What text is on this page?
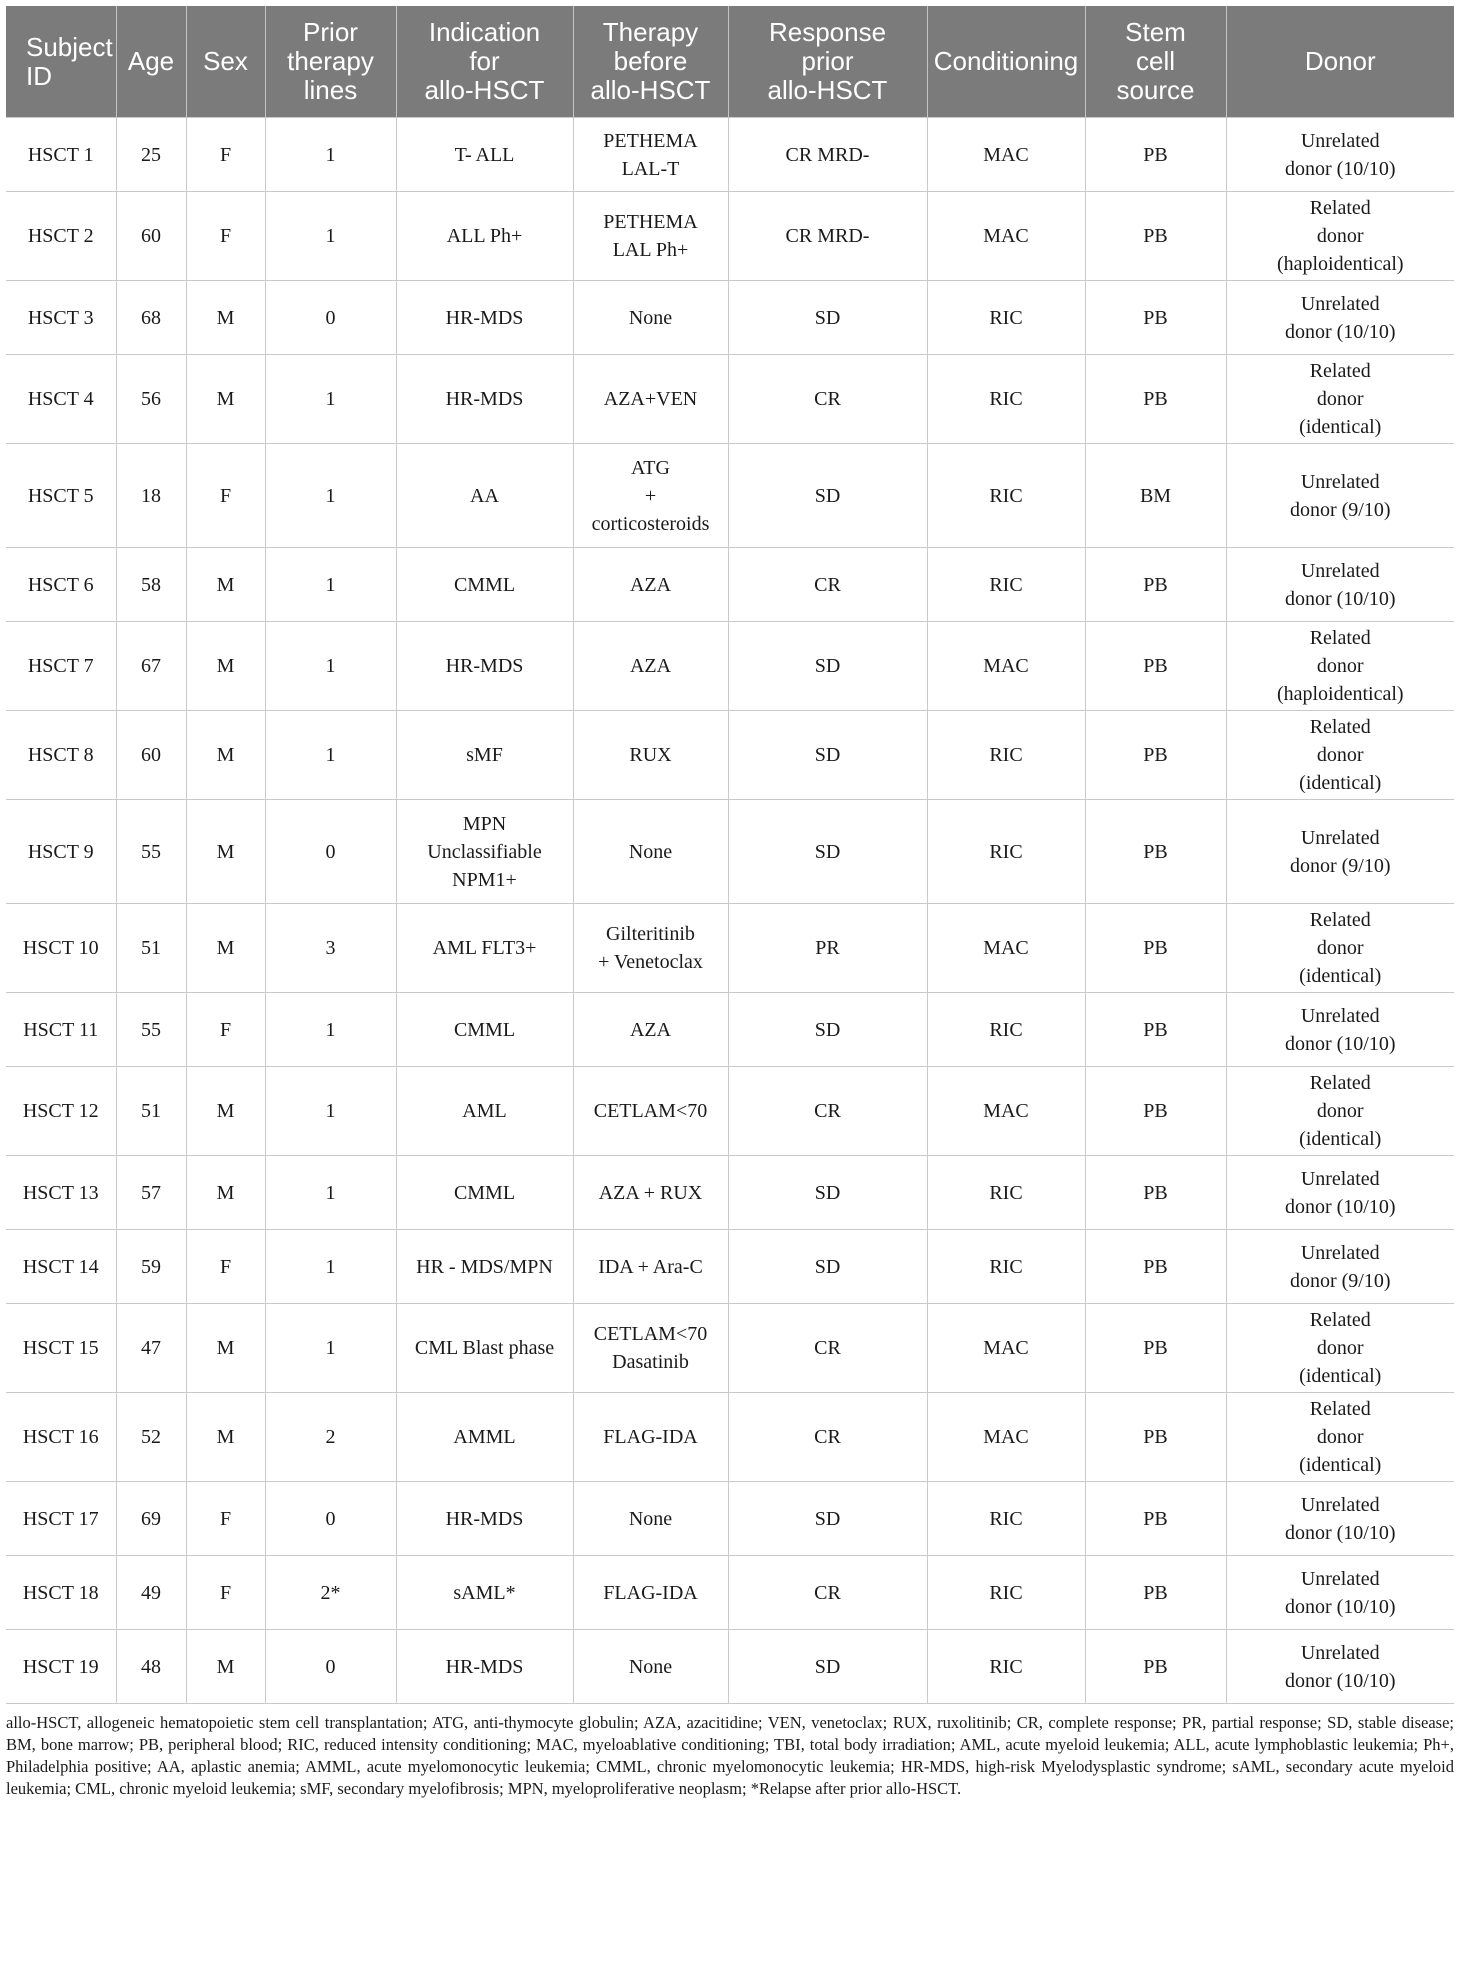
Subject
ID	Age	Sex	Prior
therapy
lines	Indication
for
allo-HSCT	Therapy
before
allo-HSCT	Response
prior
allo-HSCT	Conditioning	Stem
cell
source	Donor
HSCT 1	25	F	1	T- ALL	PETHEMA
LAL-T	CR MRD-	MAC	PB	Unrelated
donor (10/10)
HSCT 2	60	F	1	ALL Ph+	PETHEMA
LAL Ph+	CR MRD-	MAC	PB	Related
donor
(haploidentical)
HSCT 3	68	M	0	HR-MDS	None	SD	RIC	PB	Unrelated
donor (10/10)
HSCT 4	56	M	1	HR-MDS	AZA+VEN	CR	RIC	PB	Related
donor
(identical)
HSCT 5	18	F	1	AA	ATG
+
corticosteroids	SD	RIC	BM	Unrelated
donor (9/10)
HSCT 6	58	M	1	CMML	AZA	CR	RIC	PB	Unrelated
donor (10/10)
HSCT 7	67	M	1	HR-MDS	AZA	SD	MAC	PB	Related
donor
(haploidentical)
HSCT 8	60	M	1	sMF	RUX	SD	RIC	PB	Related
donor
(identical)
HSCT 9	55	M	0	MPN
Unclassifiable
NPM1+	None	SD	RIC	PB	Unrelated
donor (9/10)
HSCT 10	51	M	3	AML FLT3+	Gilteritinib
+ Venetoclax	PR	MAC	PB	Related
donor
(identical)
HSCT 11	55	F	1	CMML	AZA	SD	RIC	PB	Unrelated
donor (10/10)
HSCT 12	51	M	1	AML	CETLAM<70	CR	MAC	PB	Related
donor
(identical)
HSCT 13	57	M	1	CMML	AZA + RUX	SD	RIC	PB	Unrelated
donor (10/10)
HSCT 14	59	F	1	HR - MDS/MPN	IDA + Ara-C	SD	RIC	PB	Unrelated
donor (9/10)
HSCT 15	47	M	1	CML Blast phase	CETLAM<70
Dasatinib	CR	MAC	PB	Related
donor
(identical)
HSCT 16	52	M	2	AMML	FLAG-IDA	CR	MAC	PB	Related
donor
(identical)
HSCT 17	69	F	0	HR-MDS	None	SD	RIC	PB	Unrelated
donor (10/10)
HSCT 18	49	F	2*	sAML*	FLAG-IDA	CR	RIC	PB	Unrelated
donor (10/10)
HSCT 19	48	M	0	HR-MDS	None	SD	RIC	PB	Unrelated
donor (10/10)
allo-HSCT, allogeneic hematopoietic stem cell transplantation; ATG, anti-thymocyte globulin; AZA, azacitidine; VEN, venetoclax; RUX, ruxolitinib; CR, complete response; PR, partial response; SD, stable disease; BM, bone marrow; PB, peripheral blood; RIC, reduced intensity conditioning; MAC, myeloablative conditioning; TBI, total body irradiation; AML, acute myeloid leukemia; ALL, acute lymphoblastic leukemia; Ph+, Philadelphia positive; AA, aplastic anemia; AMML, acute myelomonocytic leukemia; CMML, chronic myelomonocytic leukemia; HR-MDS, high-risk Myelodysplastic syndrome; sAML, secondary acute myeloid leukemia; CML, chronic myeloid leukemia; sMF, secondary myelofibrosis; MPN, myeloproliferative neoplasm; *Relapse after prior allo-HSCT.
